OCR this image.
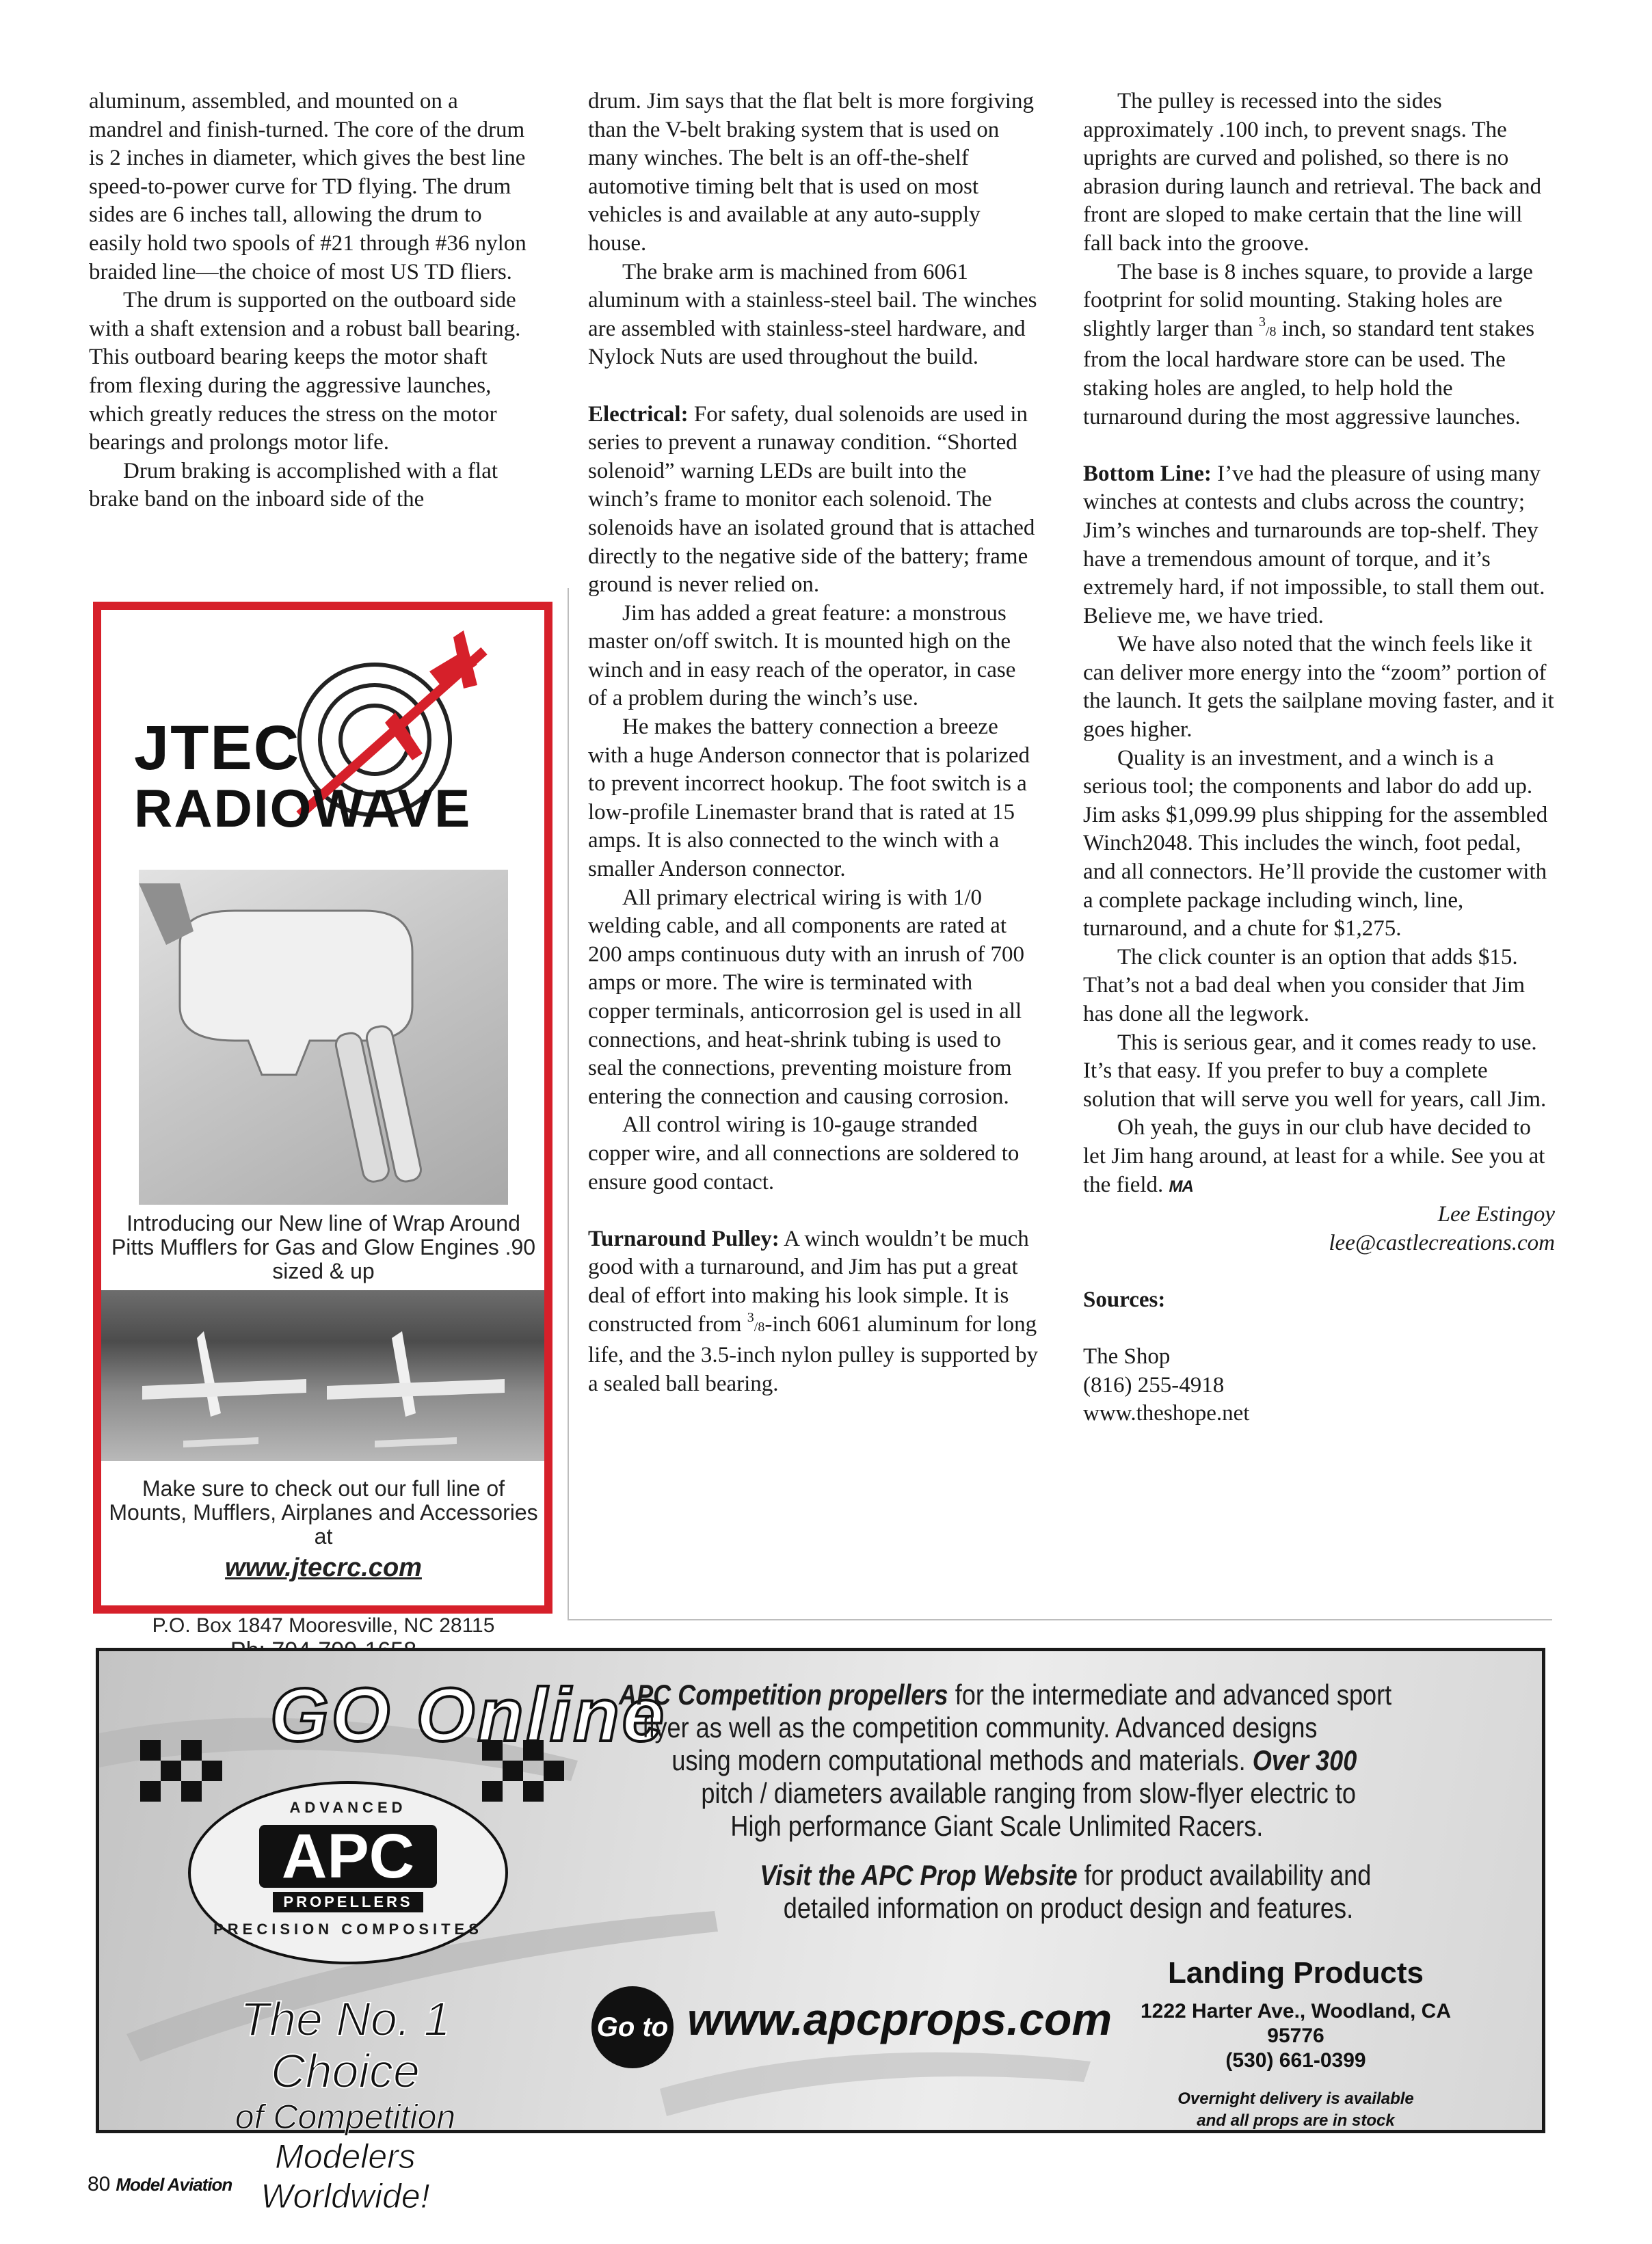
aluminum, assembled, and mounted on a mandrel and finish-turned. The core of the drum is 2 inches in diameter, which gives the best line speed-to-power curve for TD flying. The drum sides are 6 inches tall, allowing the drum to easily hold two spools of #21 through #36 nylon braided line—the choice of most US TD fliers.

The drum is supported on the outboard side with a shaft extension and a robust ball bearing. This outboard bearing keeps the motor shaft from flexing during the aggressive launches, which greatly reduces the stress on the motor bearings and prolongs motor life.

Drum braking is accomplished with a flat brake band on the inboard side of the

JTEC
RADIOWAVE
Introducing our New line of Wrap Around Pitts Mufflers for Gas and Glow Engines .90 sized & up
Make sure to check out our full line of Mounts, Mufflers, Airplanes and Accessories at
www.jtecrc.com
P.O. Box 1847 Mooresville, NC 28115

drum. Jim says that the flat belt is more forgiving than the V-belt braking system that is used on many winches. The belt is an off-the-shelf automotive timing belt that is used on most vehicles is and available at any auto-supply house.

The brake arm is machined from 6061 aluminum with a stainless-steel bail. The winches are assembled with stainless-steel hardware, and Nylock Nuts are used throughout the build.

Electrical: For safety, dual solenoids are used in series to prevent a runaway condition. “Shorted solenoid” warning LEDs are built into the winch’s frame to monitor each solenoid. The solenoids have an isolated ground that is attached directly to the negative side of the battery; frame ground is never relied on.

Jim has added a great feature: a monstrous master on/off switch. It is mounted high on the winch and in easy reach of the operator, in case of a problem during the winch’s use.

He makes the battery connection a breeze with a huge Anderson connector that is polarized to prevent incorrect hookup. The foot switch is a low-profile Linemaster brand that is rated at 15 amps. It is also connected to the winch with a smaller Anderson connector.

All primary electrical wiring is with 1/0 welding cable, and all components are rated at 200 amps continuous duty with an inrush of 700 amps or more. The wire is terminated with copper terminals, anticorrosion gel is used in all connections, and heat-shrink tubing is used to seal the connections, preventing moisture from entering the connection and causing corrosion.

All control wiring is 10-gauge stranded copper wire, and all connections are soldered to ensure good contact.

Turnaround Pulley: A winch wouldn’t be much good with a turnaround, and Jim has put a great deal of effort into making his look simple. It is constructed from $^3$/8-inch 6061 aluminum for long life, and the 3.5-inch nylon pulley is supported by a sealed ball bearing.

The pulley is recessed into the sides approximately .100 inch, to prevent snags. The uprights are curved and polished, so there is no abrasion during launch and retrieval. The back and front are sloped to make certain that the line will fall back into the groove.

The base is 8 inches square, to provide a large footprint for solid mounting. Staking holes are slightly larger than $^3$/8 inch, so standard tent stakes from the local hardware store can be used. The staking holes are angled, to help hold the turnaround during the most aggressive launches.

Bottom Line: I’ve had the pleasure of using many winches at contests and clubs across the country; Jim’s winches and turnarounds are top-shelf. They have a tremendous amount of torque, and it’s extremely hard, if not impossible, to stall them out. Believe me, we have tried.

We have also noted that the winch feels like it can deliver more energy into the “zoom” portion of the launch. It gets the sailplane moving faster, and it goes higher.

Quality is an investment, and a winch is a serious tool; the components and labor do add up. Jim asks $1,099.99 plus shipping for the assembled Winch2048. This includes the winch, foot pedal, and all connectors. He’ll provide the customer with a complete package including winch, line, turnaround, and a chute for $1,275.

The click counter is an option that adds $15. That’s not a bad deal when you consider that Jim has done all the legwork.

This is serious gear, and it comes ready to use. It’s that easy. If you prefer to buy a complete solution that will serve you well for years, call Jim.

Oh yeah, the guys in our club have decided to let Jim hang around, at least for a while. See you at the field. MA

Lee Estingoy

lee@castlecreations.com

Sources:

The Shop

(816) 255-4918

www.theshope.net

GO Online
ADVANCED
APC
PROPELLERS
PRECISION COMPOSITES
The No. 1 Choice
of Competition Modelers
Worldwide!
APC Competition propellers for the intermediate and advanced sport
flyer as well as the competition community. Advanced designs
using modern computational methods and materials. Over 300
pitch / diameters available ranging from slow-flyer electric to
High performance Giant Scale Unlimited Racers.
Visit the APC Prop Website for product availability and
detailed information on product design and features.
Go to www.apcprops.com
Landing Products
1222 Harter Ave., Woodland, CA 95776
(530) 661-0399
Overnight delivery is available
and all props are in stock
80 Model Aviation
